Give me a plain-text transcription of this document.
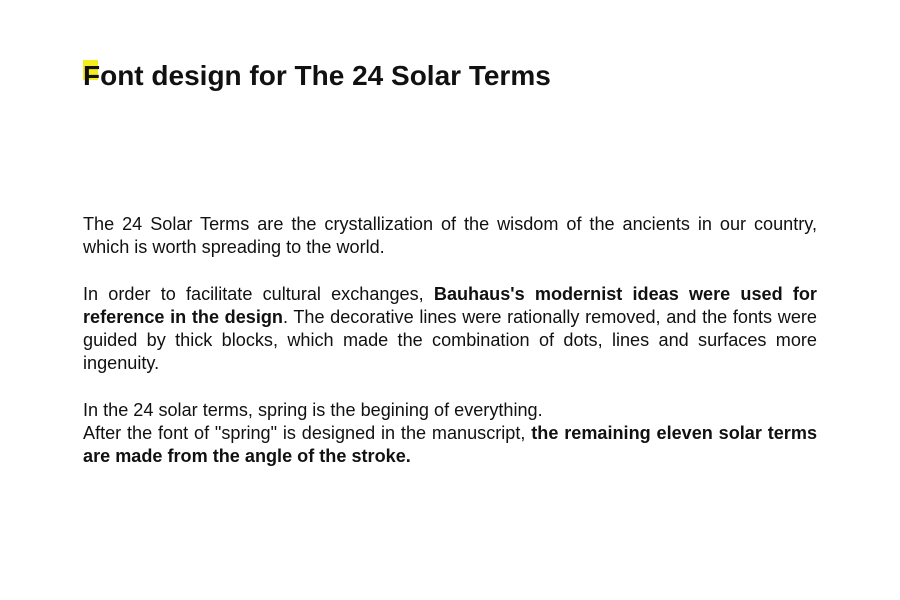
Font design for The 24 Solar Terms

The 24 Solar Terms are the crystallization of the wisdom of the ancients in our country, which is worth spreading to the world.

In order to facilitate cultural exchanges, Bauhaus's modernist ideas were used for reference in the design. The decorative lines were rationally removed, and the fonts were guided by thick blocks, which made the combination of dots, lines and surfaces more ingenuity.

In the 24 solar terms, spring is the begining of everything.

After the font of "spring" is designed in the manuscript, the remaining eleven solar terms are made from the angle of the stroke.
